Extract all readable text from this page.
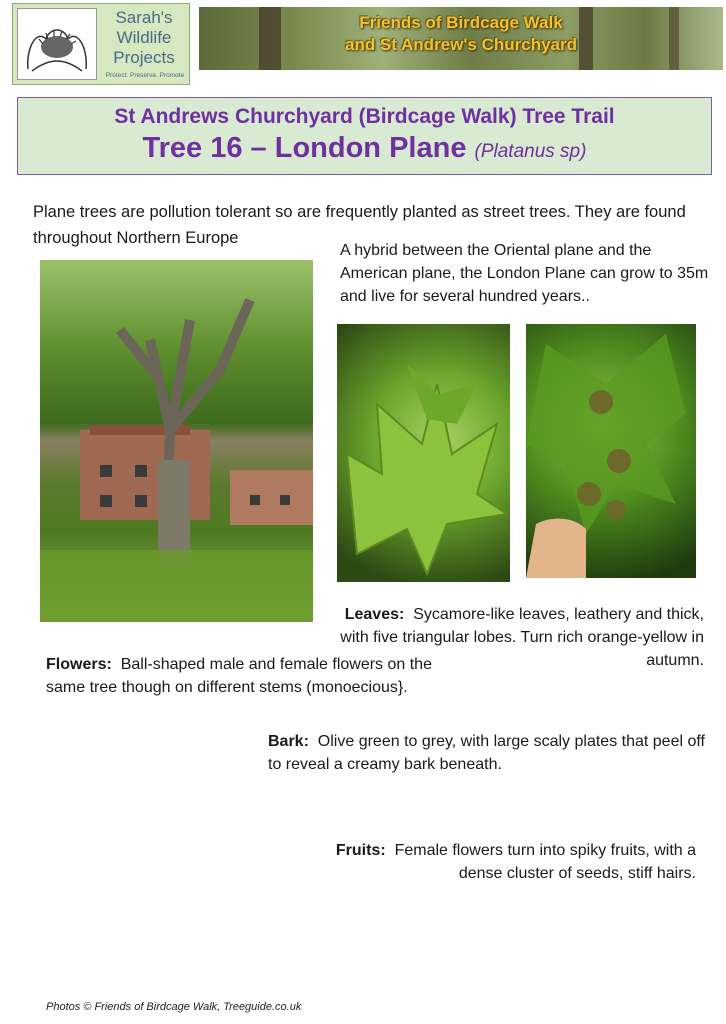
Sarah's
Wildlife
Projects
Protect. Preserve. Promote
Friends of Birdcage Walk
and St Andrew's Churchyard
St Andrews Churchyard (Birdcage Walk) Tree Trail
Tree 16 – London Plane (Platanus sp)
Plane trees are pollution tolerant so are frequently planted as street trees. They are found throughout Northern Europe
A hybrid between the Oriental plane and the American plane, the London Plane can grow to 35m and live for several hundred years..
Leaves: Sycamore-like leaves, leathery and thick, with five triangular lobes. Turn rich orange-yellow in autumn.
Flowers: Ball-shaped male and female flowers on the same tree though on different stems (monoecious}.
Bark: Olive green to grey, with large scaly plates that peel off to reveal a creamy bark beneath.
Fruits: Female flowers turn into spiky fruits, with a dense cluster of seeds, stiff hairs.
Photos © Friends of Birdcage Walk, Treeguide.co.uk
